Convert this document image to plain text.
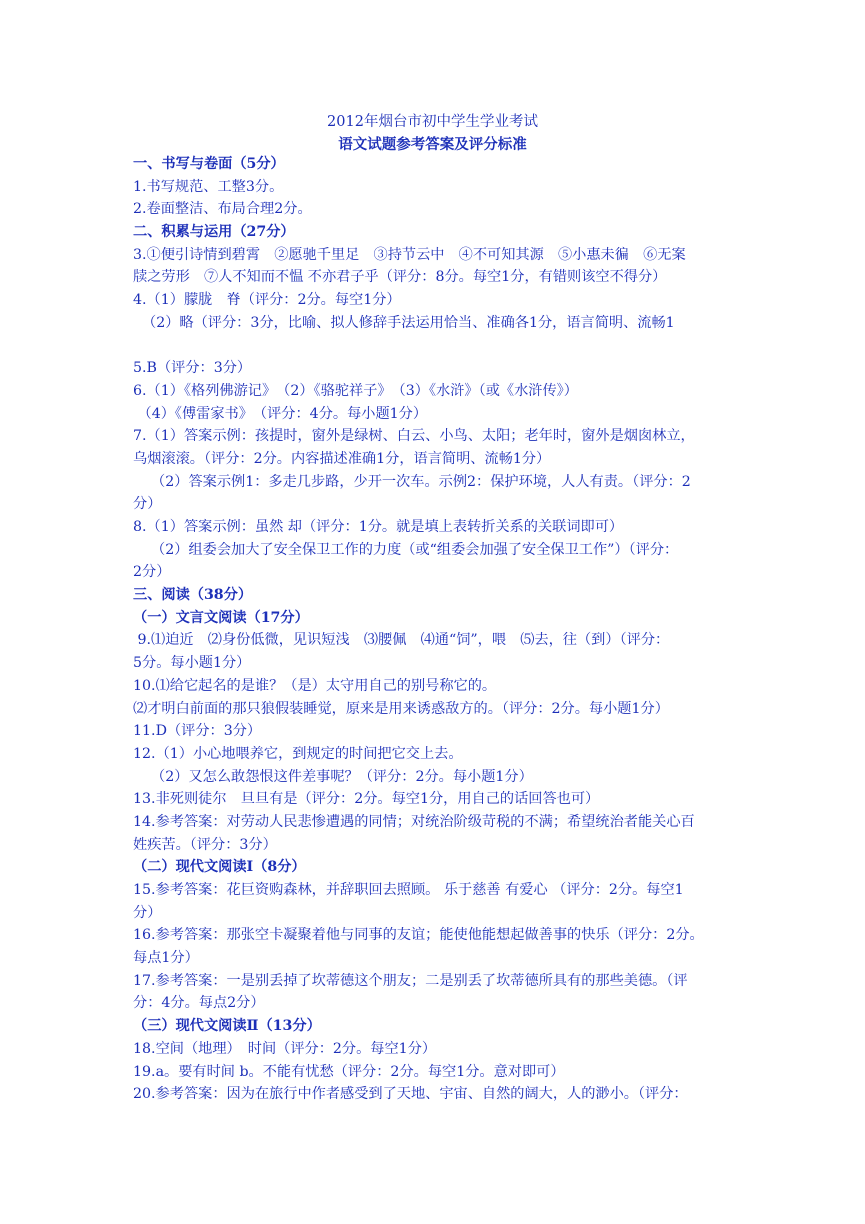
2012年烟台市初中学生学业考试
语文试题参考答案及评分标准
一、书写与卷面（5分）
1.书写规范、工整3分。
2.卷面整洁、布局合理2分。
二、积累与运用（27分）
3.①便引诗情到碧霄　②愿驰千里足　③持节云中　④不可知其源　⑤小惠未徧　⑥无案
牍之劳形　⑦人不知而不愠 不亦君子乎（评分：8分。每空1分，有错则该空不得分）
4.（1）朦胧　脊（评分：2分。每空1分）
（2）略（评分：3分，比喻、拟人修辞手法运用恰当、准确各1分，语言简明、流畅1
5.B（评分：3分）
6.（1）《格列佛游记》　（2）《骆驼祥子》　（3）《水浒》（或《水浒传》）
（4）《傅雷家书》　（评分：4分。每小题1分）
7.（1）答案示例：孩提时，窗外是绿树、白云、小鸟、太阳；老年时，窗外是烟囱林立，
乌烟滚滚。（评分：2分。内容描述准确1分，语言简明、流畅1分）
（2）答案示例1：多走几步路，少开一次车。示例2：保护环境，人人有责。（评分：2
分）
8.（1）答案示例：虽然 却（评分：1分。就是填上表转折关系的关联词即可）
（2）组委会加大了安全保卫工作的力度（或“组委会加强了安全保卫工作”）（评分：
2分）
三、阅读（38分）
（一）文言文阅读（17分）
9.⑴迫近　⑵身份低微，见识短浅　⑶腰佩　⑷通“饲”，喂　⑸去，往（到）（评分：
5分。每小题1分）
10.⑴给它起名的是谁？（是）太守用自己的别号称它的。
⑵才明白前面的那只狼假装睡觉，原来是用来诱惑敌方的。（评分：2分。每小题1分）
11.D（评分：3分）
12.（1）小心地喂养它，到规定的时间把它交上去。
（2）又怎么敢怨恨这件差事呢？（评分：2分。每小题1分）
13.非死则徒尔　旦旦有是（评分：2分。每空1分，用自己的话回答也可）
14.参考答案：对劳动人民悲惨遭遇的同情；对统治阶级苛税的不满；希望统治者能关心百
姓疾苦。（评分：3分）
（二）现代文阅读Ⅰ（8分）
15.参考答案：花巨资购森林，并辞职回去照顾。 乐于慈善 有爱心 （评分：2分。每空1
分）
16.参考答案：那张空卡凝聚着他与同事的友谊；能使他能想起做善事的快乐（评分：2分。
每点1分）
17.参考答案：一是别丢掉了坎蒂德这个朋友；二是别丢了坎蒂德所具有的那些美德。（评
分：4分。每点2分）
（三）现代文阅读Ⅱ（13分）
18.空间（地理）　时间（评分：2分。每空1分）
19.a。要有时间 b。不能有忧愁（评分：2分。每空1分。意对即可）
20.参考答案：因为在旅行中作者感受到了天地、宇宙、自然的阔大，人的渺小。（评分：
